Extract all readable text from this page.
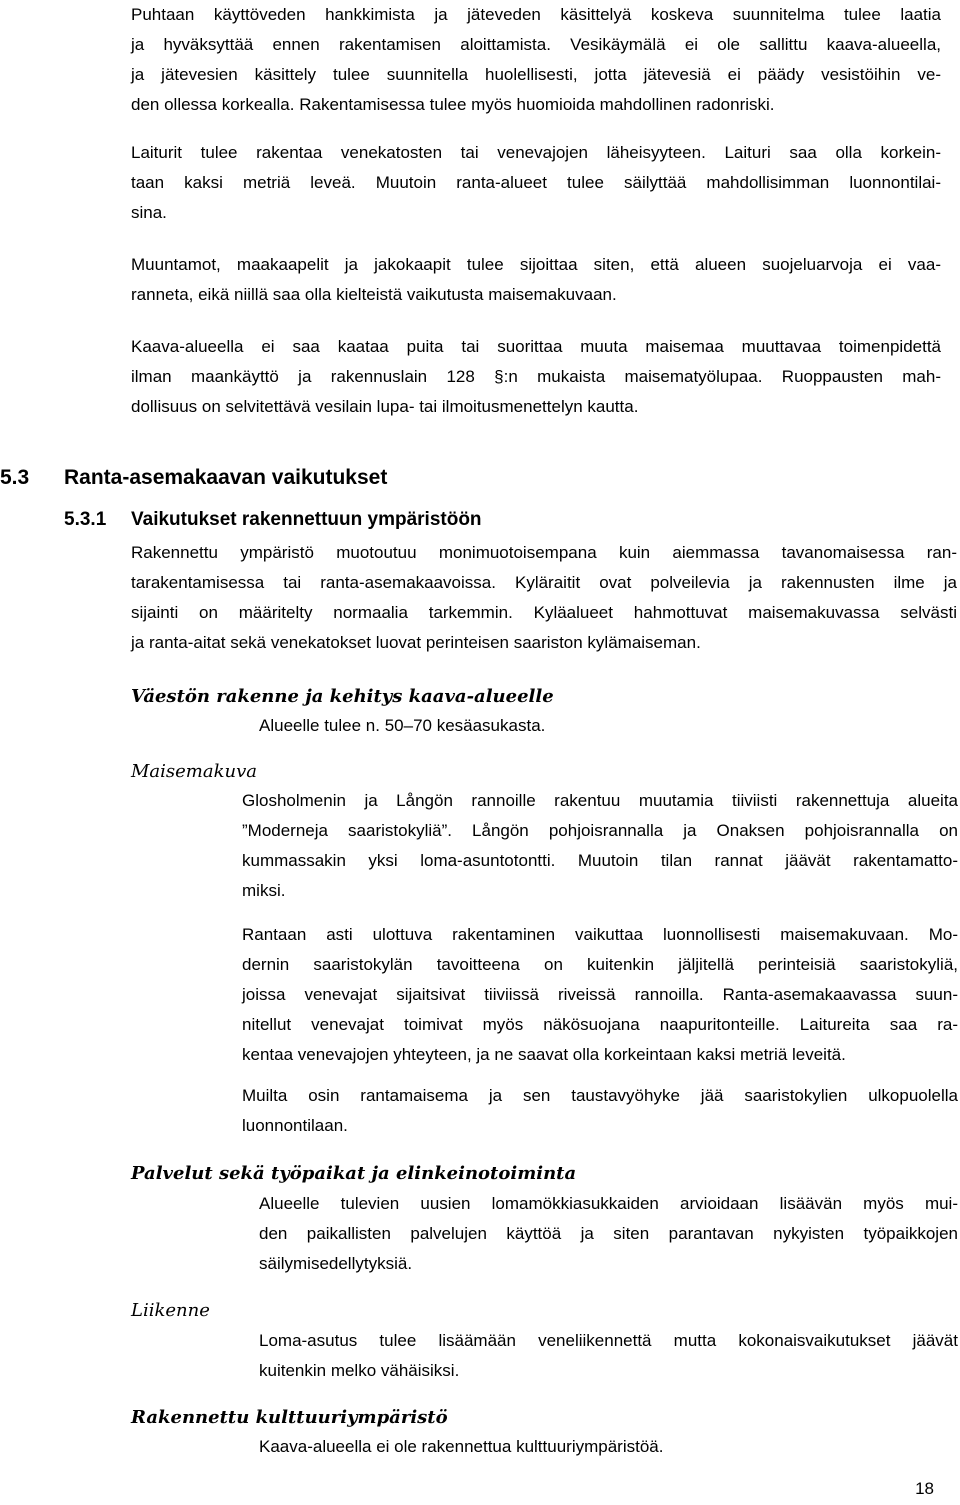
Puhtaan käyttöveden hankkimista ja jäteveden käsittelyä koskeva suunnitelma tulee laatia
ja hyväksyttää ennen rakentamisen aloittamista. Vesikäymälä ei ole sallittu kaava-alueella,
ja jätevesien käsittely tulee suunnitella huolellisesti, jotta jätevesiä ei päädy vesistöihin ve-
den ollessa korkealla. Rakentamisessa tulee myös huomioida mahdollinen radonriski.
Laiturit tulee rakentaa venekatosten tai venevajojen läheisyyteen. Laituri saa olla korkein-
taan kaksi metriä leveä. Muutoin ranta-alueet tulee säilyttää mahdollisimman luonnontilai-
sina.
Muuntamot, maakaapelit ja jakokaapit tulee sijoittaa siten, että alueen suojeluarvoja ei vaa-
ranneta, eikä niillä saa olla kielteistä vaikutusta maisemakuvaan.
Kaava-alueella ei saa kaataa puita tai suorittaa muuta maisemaa muuttavaa toimenpidettä
ilman maankäyttö ja rakennuslain 128 §:n mukaista maisematyölupaa. Ruoppausten mah-
dollisuus on selvitettävä vesilain lupa- tai ilmoitusmenettelyn kautta.
5.3 Ranta-asemakaavan vaikutukset
5.3.1 Vaikutukset rakennettuun ympäristöön
Rakennettu ympäristö muotoutuu monimuotoisempana kuin aiemmassa tavanomaisessa ran-
tarakentamisessa tai ranta-asemakaavoissa. Kyläraitit ovat polveilevia ja rakennusten ilme ja
sijainti on määritelty normaalia tarkemmin. Kyläalueet hahmottuvat maisemakuvassa selvästi
ja ranta-aitat sekä venekatokset luovat perinteisen saariston kylämaiseman.
Väestön rakenne ja kehitys kaava-alueelle
Alueelle tulee n. 50–70 kesäasukasta.
Maisemakuva
Glosholmenin ja Långön rannoille rakentuu muutamia tiiviisti rakennettuja alueita
”Moderneja saaristokyliä”. Långön pohjoisrannalla ja Onaksen pohjoisrannalla on
kummassakin yksi loma-asuntotontti. Muutoin tilan rannat jäävät rakentamatto-
miksi.
Rantaan asti ulottuva rakentaminen vaikuttaa luonnollisesti maisemakuvaan. Mo-
dernin saaristokylän tavoitteena on kuitenkin jäljitellä perinteisiä saaristokyliä,
joissa venevajat sijaitsivat tiiviissä riveissä rannoilla. Ranta-asemakaavassa suun-
nitellut venevajat toimivat myös näkösuojana naapuritonteille. Laitureita saa ra-
kentaa venevajojen yhteyteen, ja ne saavat olla korkeintaan kaksi metriä leveitä.
Muilta osin rantamaisema ja sen taustavyöhyke jää saaristokylien ulkopuolella
luonnontilaan.
Palvelut sekä työpaikat ja elinkeinotoiminta
Alueelle tulevien uusien lomamökkiasukkaiden arvioidaan lisäävän myös mui-
den paikallisten palvelujen käyttöä ja siten parantavan nykyisten työpaikkojen
säilymisedellytyksiä.
Liikenne
Loma-asutus tulee lisäämään veneliikennettä mutta kokonaisvaikutukset jäävät
kuitenkin melko vähäisiksi.
Rakennettu kulttuuriympäristö
Kaava-alueella ei ole rakennettua kulttuuriympäristöä.
18
